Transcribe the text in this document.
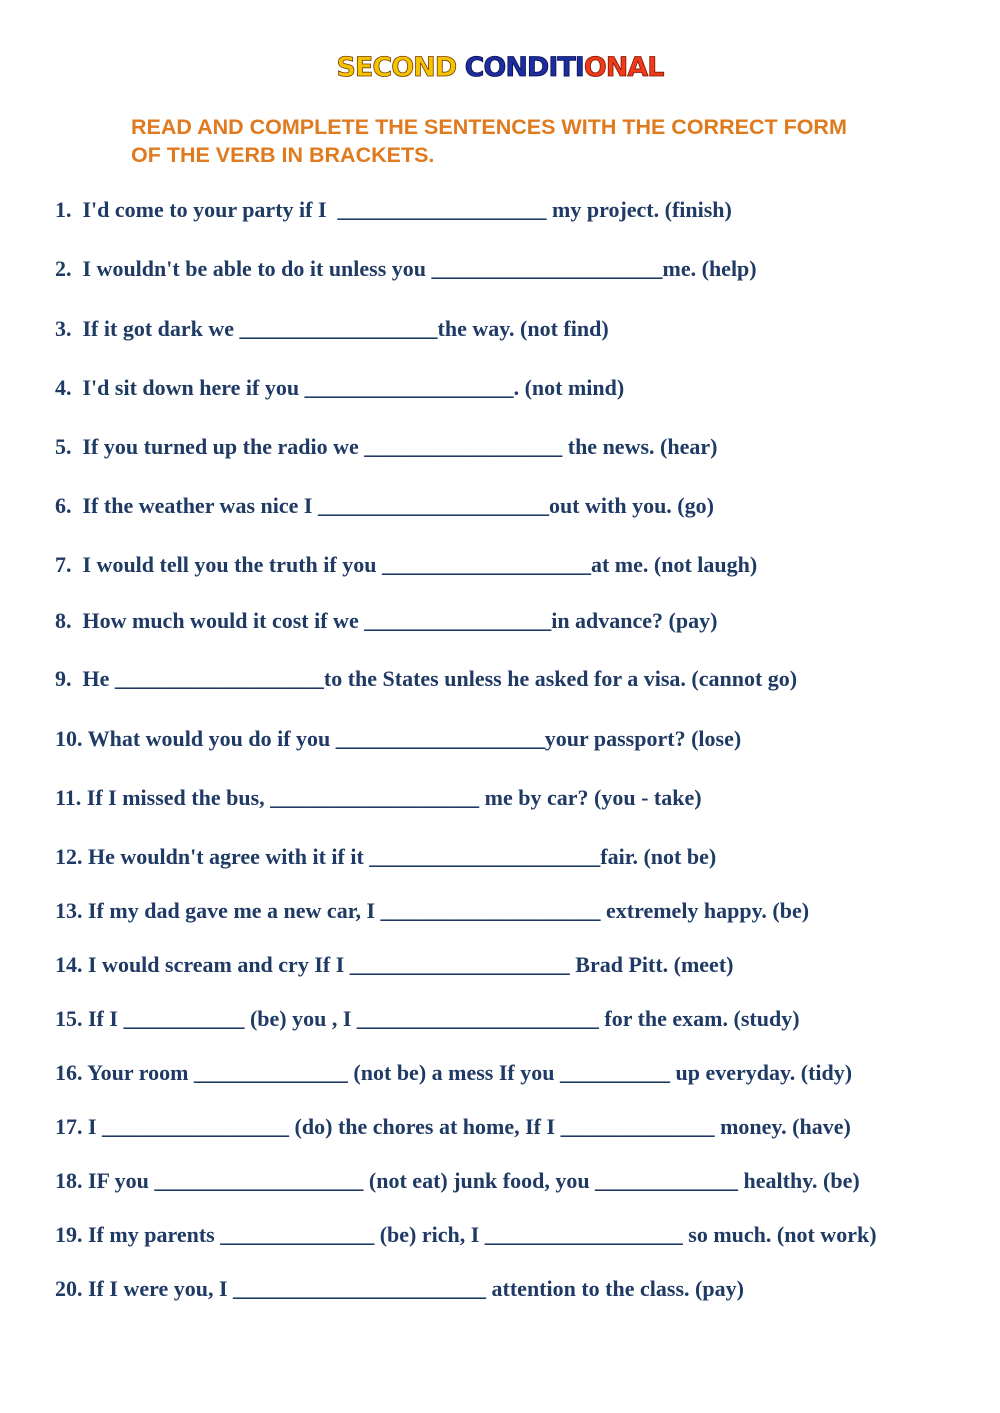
SECOND CONDITIONAL
READ AND COMPLETE THE SENTENCES WITH THE CORRECT FORM
OF THE VERB IN BRACKETS.
1.  I'd come to your party if I  ___________________ my project. (finish)
2.  I wouldn't be able to do it unless you _____________________me. (help)
3.  If it got dark we __________________the way. (not find)
4.  I'd sit down here if you ___________________. (not mind)
5.  If you turned up the radio we __________________ the news. (hear)
6.  If the weather was nice I _____________________out with you. (go)
7.  I would tell you the truth if you ___________________at me. (not laugh)
8.  How much would it cost if we _________________in advance? (pay)
9.  He ___________________to the States unless he asked for a visa. (cannot go)
10. What would you do if you ___________________your passport? (lose)
11. If I missed the bus, ___________________ me by car? (you - take)
12. He wouldn't agree with it if it _____________________fair. (not be)
13. If my dad gave me a new car, I ____________________ extremely happy. (be)
14. I would scream and cry If I ____________________ Brad Pitt. (meet)
15. If I ___________ (be) you , I ______________________ for the exam. (study)
16. Your room ______________ (not be) a mess If you __________ up everyday. (tidy)
17. I _________________ (do) the chores at home, If I ______________ money. (have)
18. IF you ___________________ (not eat) junk food, you _____________ healthy. (be)
19. If my parents ______________ (be) rich, I __________________ so much. (not work)
20. If I were you, I _______________________ attention to the class. (pay)
